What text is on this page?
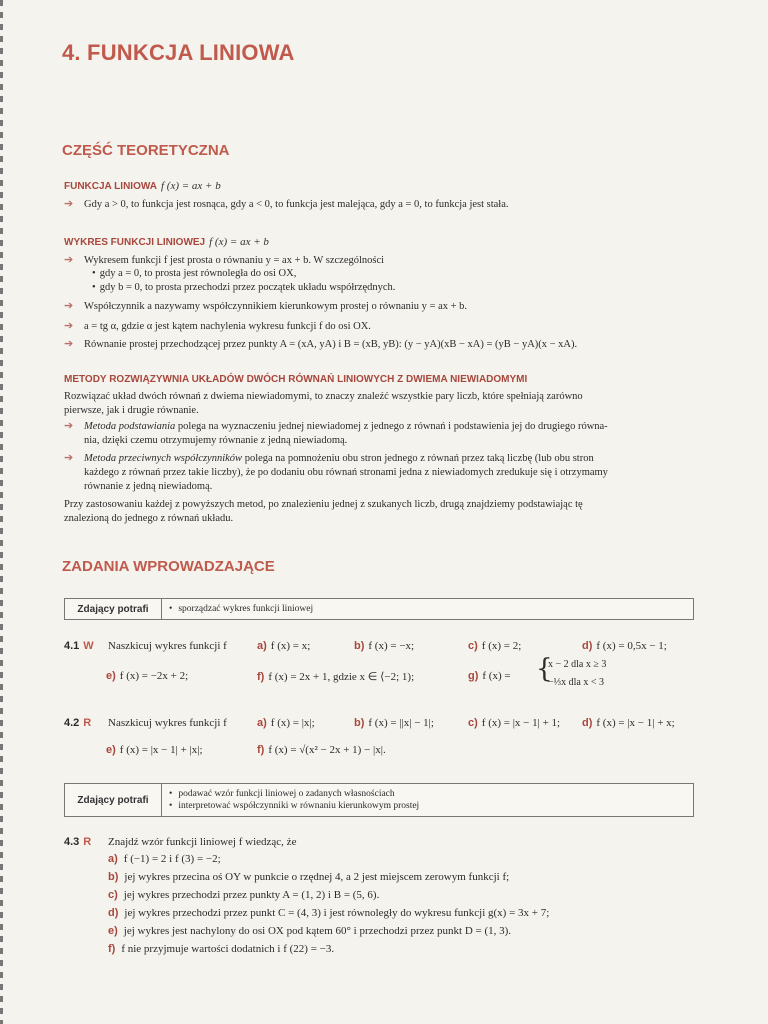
4. FUNKCJA LINIOWA
CZĘŚĆ TEORETYCZNA
FUNKCJA LINIOWA f (x) = ax + b
➔ Gdy a > 0, to funkcja jest rosnąca, gdy a < 0, to funkcja jest malejąca, gdy a = 0, to funkcja jest stała.
WYKRES FUNKCJI LINIOWEJ f (x) = ax + b
➔ Wykresem funkcji f jest prosta o równaniu y = ax + b. W szczególności
• gdy a = 0, to prosta jest równoległa do osi OX,
• gdy b = 0, to prosta przechodzi przez początek układu współrzędnych.
➔ Współczynnik a nazywamy współczynnikiem kierunkowym prostej o równaniu y = ax + b.
➔ a = tg α, gdzie α jest kątem nachylenia wykresu funkcji f do osi OX.
➔ Równanie prostej przechodzącej przez punkty A = (xA, yA) i B = (xB, yB): (y − yA)(xB − xA) = (yB − yA)(x − xA).
METODY ROZWIĄZYWNIA UKŁADÓW DWÓCH RÓWNAŃ LINIOWYCH Z DWIEMA NIEWIADOMYMI
Rozwiązać układ dwóch równań z dwiema niewiadomymi, to znaczy znaleźć wszystkie pary liczb, które spełniają zarówno
pierwsze, jak i drugie równanie.
➔ Metoda podstawiania polega na wyznaczeniu jednej niewiadomej z jednego z równań i podstawienia jej do drugiego równa-
nia, dzięki czemu otrzymujemy równanie z jedną niewiadomą.
➔ Metoda przeciwnych współczynników polega na pomnożeniu obu stron jednego z równań przez taką liczbę (lub obu stron
każdego z równań przez takie liczby), że po dodaniu obu równań stronami jedna z niewiadomych zredukuje się i otrzymamy
równanie z jedną niewiadomą.
Przy zastosowaniu każdej z powyższych metod, po znalezieniu jednej z szukanych liczb, drugą znajdziemy podstawiając tę
znalezioną do jednego z równań układu.
ZADANIA WPROWADZAJĄCE
Zdający potrafi
•	sporządzać wykres funkcji liniowej
4.1 W Naszkicuj wykres funkcji f	a) f (x) = x;	b) f (x) = −x;	c) f (x) = 2;	d) f (x) = 0,5x − 1;
e) f (x) = −2x + 2;	f) f (x) = 2x + 1, gdzie x ∈ ⟨−2; 1);	g) f (x) = {
x − 2 dla x ≥ 3
−⅓x dla x < 3
4.2 R Naszkicuj wykres funkcji f	a) f (x) = |x|;	b) f (x) = ||x| − 1|;	c) f (x) = |x − 1| + 1; d) f (x) = |x − 1| + x;
e) f (x) = |x − 1| + |x|;	f) f (x) = √(x² − 2x + 1) − |x|.
Zdający potrafi
• podawać wzór funkcji liniowej o zadanych własnościach
• interpretować współczynniki w równaniu kierunkowym prostej
4.3 R Znajdź wzór funkcji liniowej f wiedząc, że
a) f (−1) = 2 i f (3) = −2;
b) jej wykres przecina oś OY w punkcie o rzędnej 4, a 2 jest miejscem zerowym funkcji f;
c) jej wykres przechodzi przez punkty A = (1, 2) i B = (5, 6).
d) jej wykres przechodzi przez punkt C = (4, 3) i jest równoległy do wykresu funkcji g(x) = 3x + 7;
e) jej wykres jest nachylony do osi OX pod kątem 60° i przechodzi przez punkt D = (1, 3).
f) f nie przyjmuje wartości dodatnich i f (22) = −3.
